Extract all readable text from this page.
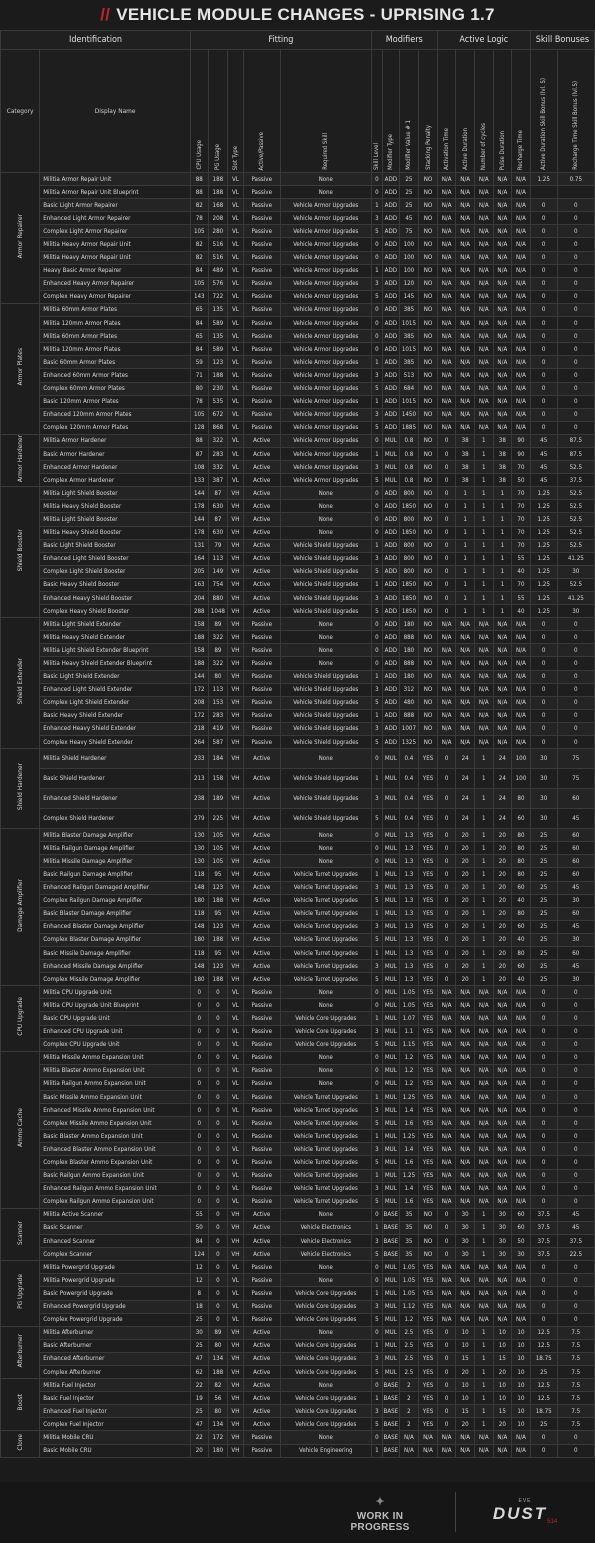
// VEHICLE MODULE CHANGES - UPRISING 1.7
Identification		Fitting					Modifiers				Active Logic					Skill Bonuses	
Category	Display Name	CPU Usage	PG Usage	Slot Type	Active/Passive	Required Skill	Skill Level	Modifier Type	Modifier Value # 1	Stacking Penalty	Activation Time	Active Duration	Number of cycles	Pulse Duration	Recharge Time	Active Duration Skill Bonus (lvl. 5)	Recharge Time Skill Bonus (lvl.5)
Armor Repairer	Militia Armor Repair Unit	88	188	VL	Passive	None	0	ADD	25	NO	N/A	N/A	N/A	N/A	N/A	1.25	0.75
	Militia Armor Repair Unit Blueprint	88	188	VL	Passive	None	0	ADD	25	NO	N/A	N/A	N/A	N/A	N/A		
	Basic Light Armor Repairer	82	168	VL	Passive	Vehicle Armor Upgrades	1	ADD	25	NO	N/A	N/A	N/A	N/A	N/A	0	0
	Enhanced Light Armor Repairer	78	208	VL	Passive	Vehicle Armor Upgrades	3	ADD	45	NO	N/A	N/A	N/A	N/A	N/A	0	0
	Complex Light Armor Repairer	105	280	VL	Passive	Vehicle Armor Upgrades	5	ADD	75	NO	N/A	N/A	N/A	N/A	N/A	0	0
	Militia Heavy Armor Repair Unit	82	516	VL	Passive	Vehicle Armor Upgrades	0	ADD	100	NO	N/A	N/A	N/A	N/A	N/A	0	0
	Militia Heavy Armor Repair Unit	82	516	VL	Passive	Vehicle Armor Upgrades	0	ADD	100	NO	N/A	N/A	N/A	N/A	N/A	0	0
	Heavy Basic Armor Repairer	84	489	VL	Passive	Vehicle Armor Upgrades	1	ADD	100	NO	N/A	N/A	N/A	N/A	N/A	0	0
	Enhanced Heavy Armor Repairer	105	576	VL	Passive	Vehicle Armor Upgrades	3	ADD	120	NO	N/A	N/A	N/A	N/A	N/A	0	0
	Complex Heavy Armor Repairer	143	722	VL	Passive	Vehicle Armor Upgrades	5	ADD	145	NO	N/A	N/A	N/A	N/A	N/A	0	0
Armor Plates	Militia 60mm Armor Plates	65	135	VL	Passive	Vehicle Armor Upgrades	0	ADD	385	NO	N/A	N/A	N/A	N/A	N/A	0	0
	Militia 120mm Armor Plates	84	589	VL	Passive	Vehicle Armor Upgrades	0	ADD	1015	NO	N/A	N/A	N/A	N/A	N/A	0	0
	Militia 60mm Armor Plates	65	135	VL	Passive	Vehicle Armor Upgrades	0	ADD	385	NO	N/A	N/A	N/A	N/A	N/A	0	0
	Militia 120mm Armor Plates	84	589	VL	Passive	Vehicle Armor Upgrades	0	ADD	1015	NO	N/A	N/A	N/A	N/A	N/A	0	0
	Basic 60mm Armor Plates	59	123	VL	Passive	Vehicle Armor Upgrades	1	ADD	385	NO	N/A	N/A	N/A	N/A	N/A	0	0
	Enhanced 60mm Armor Plates	71	188	VL	Passive	Vehicle Armor Upgrades	3	ADD	513	NO	N/A	N/A	N/A	N/A	N/A	0	0
	Complex 60mm Armor Plates	80	230	VL	Passive	Vehicle Armor Upgrades	5	ADD	684	NO	N/A	N/A	N/A	N/A	N/A	0	0
	Basic 120mm Armor Plates	78	535	VL	Passive	Vehicle Armor Upgrades	1	ADD	1015	NO	N/A	N/A	N/A	N/A	N/A	0	0
	Enhanced 120mm Armor Plates	105	672	VL	Passive	Vehicle Armor Upgrades	3	ADD	1450	NO	N/A	N/A	N/A	N/A	N/A	0	0
	Complex 120mm Armor Plates	128	868	VL	Passive	Vehicle Armor Upgrades	5	ADD	1885	NO	N/A	N/A	N/A	N/A	N/A	0	0
Armor Hardener	Militia Armor Hardener	88	322	VL	Active	Vehicle Armor Upgrades	0	MUL	0.8	NO	0	38	1	38	90	45	87.5
	Basic Armor Hardener	87	283	VL	Active	Vehicle Armor Upgrades	1	MUL	0.8	NO	0	38	1	38	90	45	87.5
	Enhanced Armor Hardener	108	332	VL	Active	Vehicle Armor Upgrades	3	MUL	0.8	NO	0	38	1	38	70	45	52.5
	Complex Armor Hardener	133	387	VL	Active	Vehicle Armor Upgrades	5	MUL	0.8	NO	0	38	1	38	50	45	37.5
Shield Booster	Militia Light Shield Booster	144	87	VH	Active	None	0	ADD	800	NO	0	1	1	1	70	1.25	52.5
	Militia Heavy Shield Booster	178	630	VH	Active	None	0	ADD	1850	NO	0	1	1	1	70	1.25	52.5
	Militia Light Shield Booster	144	87	VH	Active	None	0	ADD	800	NO	0	1	1	1	70	1.25	52.5
	Militia Heavy Shield Booster	178	630	VH	Active	None	0	ADD	1850	NO	0	1	1	1	70	1.25	52.5
	Basic Light Shield Booster	131	79	VH	Active	Vehicle Shield Upgrades	1	ADD	800	NO	0	1	1	1	70	1.25	52.5
	Enhanced Light Shield Booster	164	113	VH	Active	Vehicle Shield Upgrades	3	ADD	800	NO	0	1	1	1	55	1.25	41.25
	Complex Light Shield Booster	205	149	VH	Active	Vehicle Shield Upgrades	5	ADD	800	NO	0	1	1	1	40	1.25	30
	Basic Heavy Shield Booster	163	754	VH	Active	Vehicle Shield Upgrades	1	ADD	1850	NO	0	1	1	1	70	1.25	52.5
	Enhanced Heavy Shield Booster	204	880	VH	Active	Vehicle Shield Upgrades	3	ADD	1850	NO	0	1	1	1	55	1.25	41.25
	Complex Heavy Shield Booster	288	1048	VH	Active	Vehicle Shield Upgrades	5	ADD	1850	NO	0	1	1	1	40	1.25	30
Shield Extender	Militia Light Shield Extender	158	89	VH	Passive	None	0	ADD	180	NO	N/A	N/A	N/A	N/A	N/A	0	0
	Militia Heavy Shield Extender	188	322	VH	Passive	None	0	ADD	888	NO	N/A	N/A	N/A	N/A	N/A	0	0
	Militia Light Shield Extender Blueprint	158	89	VH	Passive	None	0	ADD	180	NO	N/A	N/A	N/A	N/A	N/A	0	0
	Militia Heavy Shield Extender Blueprint	188	322	VH	Passive	None	0	ADD	888	NO	N/A	N/A	N/A	N/A	N/A	0	0
	Basic Light Shield Extender	144	80	VH	Passive	Vehicle Shield Upgrades	1	ADD	180	NO	N/A	N/A	N/A	N/A	N/A	0	0
	Enhanced Light Shield Extender	172	113	VH	Passive	Vehicle Shield Upgrades	3	ADD	312	NO	N/A	N/A	N/A	N/A	N/A	0	0
	Complex Light Shield Extender	208	153	VH	Passive	Vehicle Shield Upgrades	5	ADD	480	NO	N/A	N/A	N/A	N/A	N/A	0	0
	Basic Heavy Shield Extender	172	283	VH	Passive	Vehicle Shield Upgrades	1	ADD	888	NO	N/A	N/A	N/A	N/A	N/A	0	0
	Enhanced Heavy Shield Extender	218	419	VH	Passive	Vehicle Shield Upgrades	3	ADD	1007	NO	N/A	N/A	N/A	N/A	N/A	0	0
	Complex Heavy Shield Extender	264	587	VH	Passive	Vehicle Shield Upgrades	5	ADD	1325	NO	N/A	N/A	N/A	N/A	N/A	0	0
Shield Hardener	Militia Shield Hardener	233	184	VH	Active	None	0	MUL	0.4	YES	0	24	1	24	100	30	75
	Basic Shield Hardener	213	158	VH	Active	Vehicle Shield Upgrades	1	MUL	0.4	YES	0	24	1	24	100	30	75
	Enhanced Shield Hardener	238	189	VH	Active	Vehicle Shield Upgrades	3	MUL	0.4	YES	0	24	1	24	80	30	60
	Complex Shield Hardener	279	225	VH	Active	Vehicle Shield Upgrades	5	MUL	0.4	YES	0	24	1	24	60	30	45
Damage Amplifier	Militia Blaster Damage Amplifier	130	105	VH	Active	None	0	MUL	1.3	YES	0	20	1	20	80	25	60
	Militia Railgun Damage Amplifier	130	105	VH	Active	None	0	MUL	1.3	YES	0	20	1	20	80	25	60
	Militia Missile Damage Amplifier	130	105	VH	Active	None	0	MUL	1.3	YES	0	20	1	20	80	25	60
	Basic Railgun Damage Amplifier	118	95	VH	Active	Vehicle Turret Upgrades	1	MUL	1.3	YES	0	20	1	20	80	25	60
	Enhanced Railgun Damaged Amplifier	148	123	VH	Active	Vehicle Turret Upgrades	3	MUL	1.3	YES	0	20	1	20	60	25	45
	Complex Railgun Damage Amplifier	180	188	VH	Active	Vehicle Turret Upgrades	5	MUL	1.3	YES	0	20	1	20	40	25	30
	Basic Blaster Damage Amplifier	118	95	VH	Active	Vehicle Turret Upgrades	1	MUL	1.3	YES	0	20	1	20	80	25	60
	Enhanced Blaster Damage Amplifier	148	123	VH	Active	Vehicle Turret Upgrades	3	MUL	1.3	YES	0	20	1	20	60	25	45
	Complex Blaster Damage Amplifier	180	188	VH	Active	Vehicle Turret Upgrades	5	MUL	1.3	YES	0	20	1	20	40	25	30
	Basic Missile Damage Amplifier	118	95	VH	Active	Vehicle Turret Upgrades	1	MUL	1.3	YES	0	20	1	20	80	25	60
	Enhanced Missile Damage Amplifier	148	123	VH	Active	Vehicle Turret Upgrades	3	MUL	1.3	YES	0	20	1	20	60	25	45
	Complex Missile Damage Amplifier	180	188	VH	Active	Vehicle Turret Upgrades	5	MUL	1.3	YES	0	20	1	20	40	25	30
CPU Upgrade	Militia CPU Upgrade Unit	0	0	VL	Passive	None	0	MUL	1.05	YES	N/A	N/A	N/A	N/A	N/A	0	0
	Militia CPU Upgrade Unit Blueprint	0	0	VL	Passive	None	0	MUL	1.05	YES	N/A	N/A	N/A	N/A	N/A	0	0
	Basic CPU Upgrade Unit	0	0	VL	Passive	Vehicle Core Upgrades	1	MUL	1.07	YES	N/A	N/A	N/A	N/A	N/A	0	0
	Enhanced CPU Upgrade Unit	0	0	VL	Passive	Vehicle Core Upgrades	3	MUL	1.1	YES	N/A	N/A	N/A	N/A	N/A	0	0
	Complex CPU Upgrade Unit	0	0	VL	Passive	Vehicle Core Upgrades	5	MUL	1.15	YES	N/A	N/A	N/A	N/A	N/A	0	0
Ammo Cache	Militia Missile Ammo Expansion Unit	0	0	VL	Passive	None	0	MUL	1.2	YES	N/A	N/A	N/A	N/A	N/A	0	0
	Militia Blaster Ammo Expansion Unit	0	0	VL	Passive	None	0	MUL	1.2	YES	N/A	N/A	N/A	N/A	N/A	0	0
	Militia Railgun Ammo Expansion Unit	0	0	VL	Passive	None	0	MUL	1.2	YES	N/A	N/A	N/A	N/A	N/A	0	0
	Basic Missile Ammo Expansion Unit	0	0	VL	Passive	Vehicle Turret Upgrades	1	MUL	1.25	YES	N/A	N/A	N/A	N/A	N/A	0	0
	Enhanced Missile Ammo Expansion Unit	0	0	VL	Passive	Vehicle Turret Upgrades	3	MUL	1.4	YES	N/A	N/A	N/A	N/A	N/A	0	0
	Complex Missile Ammo Expansion Unit	0	0	VL	Passive	Vehicle Turret Upgrades	5	MUL	1.6	YES	N/A	N/A	N/A	N/A	N/A	0	0
	Basic Blaster Ammo Expansion Unit	0	0	VL	Passive	Vehicle Turret Upgrades	1	MUL	1.25	YES	N/A	N/A	N/A	N/A	N/A	0	0
	Enhanced Blaster Ammo Expansion Unit	0	0	VL	Passive	Vehicle Turret Upgrades	3	MUL	1.4	YES	N/A	N/A	N/A	N/A	N/A	0	0
	Complex Blaster Ammo Expansion Unit	0	0	VL	Passive	Vehicle Turret Upgrades	5	MUL	1.6	YES	N/A	N/A	N/A	N/A	N/A	0	0
	Basic Railgun Ammo Expansion Unit	0	0	VL	Passive	Vehicle Turret Upgrades	1	MUL	1.25	YES	N/A	N/A	N/A	N/A	N/A	0	0
	Enhanced Railgun Ammo Expansion Unit	0	0	VL	Passive	Vehicle Turret Upgrades	3	MUL	1.4	YES	N/A	N/A	N/A	N/A	N/A	0	0
	Complex Railgun Ammo Expansion Unit	0	0	VL	Passive	Vehicle Turret Upgrades	5	MUL	1.6	YES	N/A	N/A	N/A	N/A	N/A	0	0
Scanner	Militia Active Scanner	55	0	VH	Active	None	0	BASE	35	NO	0	30	1	30	60	37.5	45
	Basic Scanner	50	0	VH	Active	Vehicle Electronics	1	BASE	35	NO	0	30	1	30	60	37.5	45
	Enhanced Scanner	84	0	VH	Active	Vehicle Electronics	3	BASE	35	NO	0	30	1	30	50	37.5	37.5
	Complex Scanner	124	0	VH	Active	Vehicle Electronics	5	BASE	35	NO	0	30	1	30	30	37.5	22.5
PG Upgrade	Militia Powergrid Upgrade	12	0	VL	Passive	None	0	MUL	1.05	YES	N/A	N/A	N/A	N/A	N/A	0	0
	Militia Powergrid Upgrade	12	0	VL	Passive	None	0	MUL	1.05	YES	N/A	N/A	N/A	N/A	N/A	0	0
	Basic Powergrid Upgrade	8	0	VL	Passive	Vehicle Core Upgrades	1	MUL	1.05	YES	N/A	N/A	N/A	N/A	N/A	0	0
	Enhanced Powergrid Upgrade	18	0	VL	Passive	Vehicle Core Upgrades	3	MUL	1.12	YES	N/A	N/A	N/A	N/A	N/A	0	0
	Complex Powergrid Upgrade	25	0	VL	Passive	Vehicle Core Upgrades	5	MUL	1.2	YES	N/A	N/A	N/A	N/A	N/A	0	0
Afterburner	Militia Afterburner	30	89	VH	Active	None	0	MUL	2.5	YES	0	10	1	10	10	12.5	7.5
	Basic Afterburner	25	80	VH	Active	Vehicle Core Upgrades	1	MUL	2.5	YES	0	10	1	10	10	12.5	7.5
	Enhanced Afterburner	47	134	VH	Active	Vehicle Core Upgrades	3	MUL	2.5	YES	0	15	1	15	10	18.75	7.5
	Complex Afterburner	62	188	VH	Active	Vehicle Core Upgrades	5	MUL	2.5	YES	0	20	1	20	10	25	7.5
Boost	Militia Fuel Injector	22	82	VH	Active	None	0	BASE	2	YES	0	10	1	10	10	12.5	7.5
	Basic Fuel Injector	19	56	VH	Active	Vehicle Core Upgrades	1	BASE	2	YES	0	10	1	10	10	12.5	7.5
	Enhanced Fuel Injector	25	80	VH	Active	Vehicle Core Upgrades	3	BASE	2	YES	0	15	1	15	10	18.75	7.5
	Complex Fuel Injector	47	134	VH	Active	Vehicle Core Upgrades	5	BASE	2	YES	0	20	1	20	10	25	7.5
Clone	Militia Mobile CRU	22	172	VH	Passive	None	0	BASE	N/A	N/A	N/A	N/A	N/A	N/A	N/A	0	0
	Basic Mobile CRU	20	180	VH	Passive	Vehicle Engineering	1	BASE	N/A	N/A	N/A	N/A	N/A	N/A	N/A	0	0
✦
WORK IN PROGRESS
EVE
$DUST_{514}$
